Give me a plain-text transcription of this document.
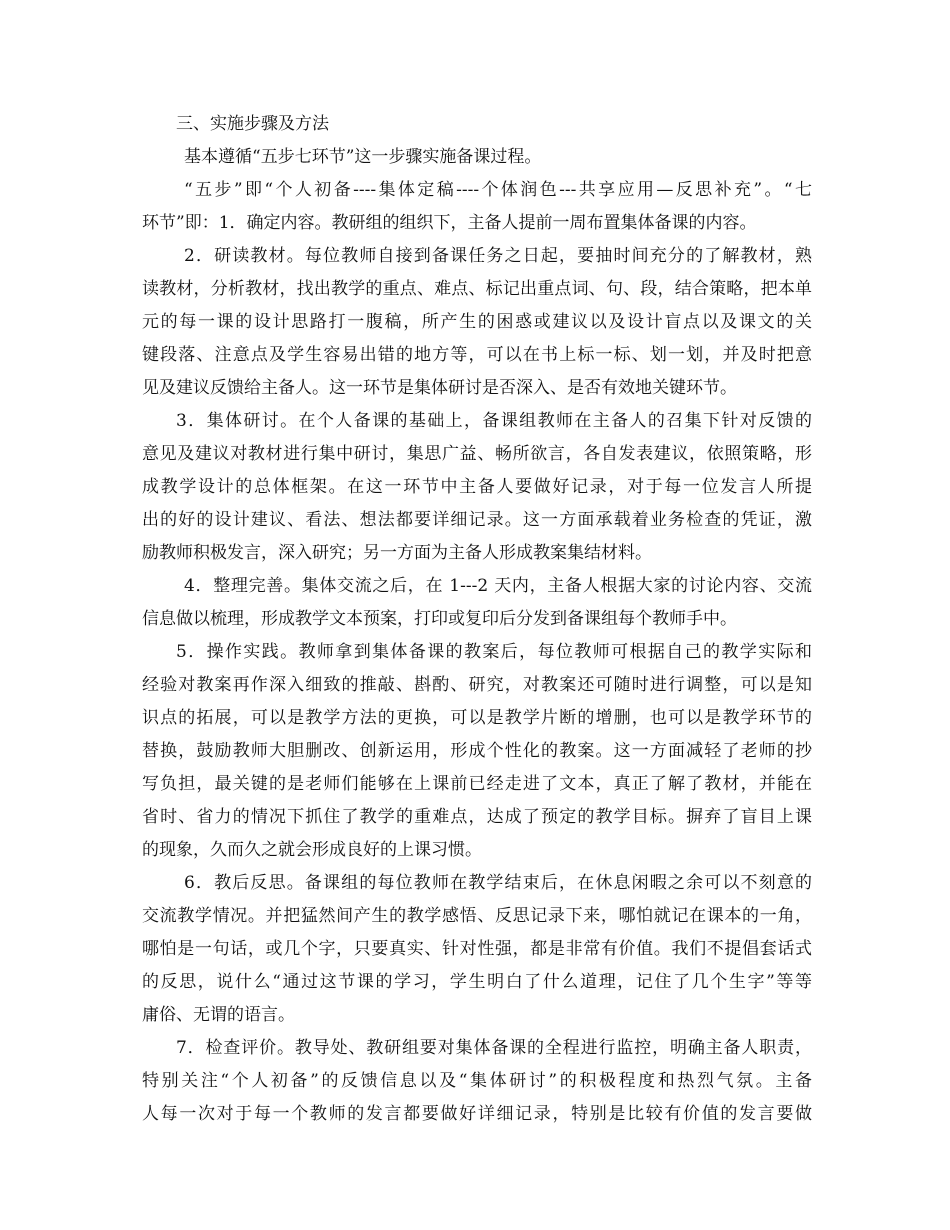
三、实施步骤及方法
基本遵循“五步七环节”这一步骤实施备课过程。
“五步”即“个人初备----集体定稿----个体润色---共享应用—反思补充”。“七
环节”即：1．确定内容。教研组的组织下，主备人提前一周布置集体备课的内容。
2．研读教材。每位教师自接到备课任务之日起，要抽时间充分的了解教材，熟
读教材，分析教材，找出教学的重点、难点、标记出重点词、句、段，结合策略，把本单
元的每一课的设计思路打一腹稿，所产生的困惑或建议以及设计盲点以及课文的关
键段落、注意点及学生容易出错的地方等，可以在书上标一标、划一划，并及时把意
见及建议反馈给主备人。这一环节是集体研讨是否深入、是否有效地关键环节。
3．集体研讨。在个人备课的基础上，备课组教师在主备人的召集下针对反馈的
意见及建议对教材进行集中研讨，集思广益、畅所欲言，各自发表建议，依照策略，形
成教学设计的总体框架。在这一环节中主备人要做好记录，对于每一位发言人所提
出的好的设计建议、看法、想法都要详细记录。这一方面承载着业务检查的凭证，激
励教师积极发言，深入研究；另一方面为主备人形成教案集结材料。
4．整理完善。集体交流之后，在 1---2 天内，主备人根据大家的讨论内容、交流
信息做以梳理，形成教学文本预案，打印或复印后分发到备课组每个教师手中。
5．操作实践。教师拿到集体备课的教案后，每位教师可根据自己的教学实际和
经验对教案再作深入细致的推敲、斟酌、研究，对教案还可随时进行调整，可以是知
识点的拓展，可以是教学方法的更换，可以是教学片断的增删，也可以是教学环节的
替换，鼓励教师大胆删改、创新运用，形成个性化的教案。这一方面减轻了老师的抄
写负担，最关键的是老师们能够在上课前已经走进了文本，真正了解了教材，并能在
省时、省力的情况下抓住了教学的重难点，达成了预定的教学目标。摒弃了盲目上课
的现象，久而久之就会形成良好的上课习惯。
6．教后反思。备课组的每位教师在教学结束后，在休息闲暇之余可以不刻意的
交流教学情况。并把猛然间产生的教学感悟、反思记录下来，哪怕就记在课本的一角，
哪怕是一句话，或几个字，只要真实、针对性强，都是非常有价值。我们不提倡套话式
的反思，说什么“通过这节课的学习，学生明白了什么道理，记住了几个生字”等等
庸俗、无谓的语言。
7．检查评价。教导处、教研组要对集体备课的全程进行监控，明确主备人职责，
特别关注“个人初备”的反馈信息以及“集体研讨”的积极程度和热烈气氛。主备
人每一次对于每一个教师的发言都要做好详细记录，特别是比较有价值的发言要做
